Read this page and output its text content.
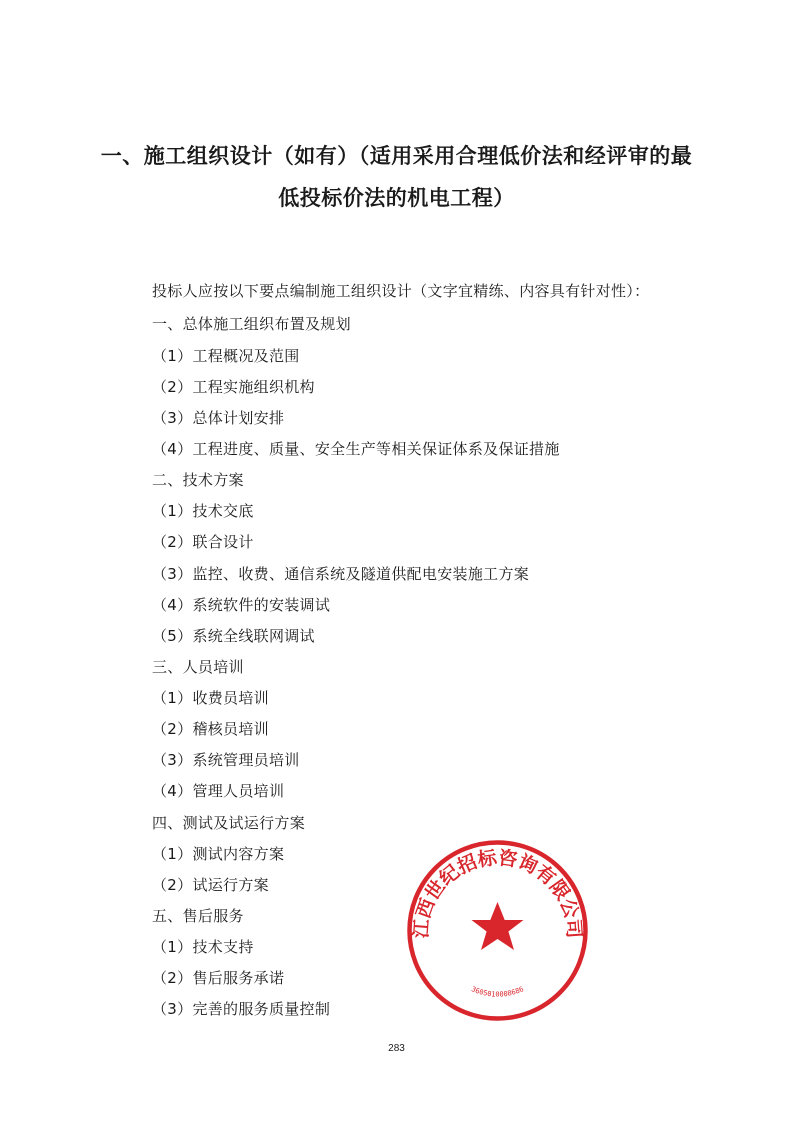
一、施工组织设计（如有）（适用采用合理低价法和经评审的最
低投标价法的机电工程）
投标人应按以下要点编制施工组织设计（文字宜精练、内容具有针对性）：
一、总体施工组织布置及规划
（1）工程概况及范围
（2）工程实施组织机构
（3）总体计划安排
（4）工程进度、质量、安全生产等相关保证体系及保证措施
二、技术方案
（1）技术交底
（2）联合设计
（3）监控、收费、通信系统及隧道供配电安装施工方案
（4）系统软件的安装调试
（5）系统全线联网调试
三、人员培训
（1）收费员培训
（2）稽核员培训
（3）系统管理员培训
（4）管理人员培训
四、测试及试运行方案
（1）测试内容方案
（2）试运行方案
五、售后服务
（1）技术支持
（2）售后服务承诺
（3）完善的服务质量控制
江西世纪招标咨询有限公司
3605010008686
283
